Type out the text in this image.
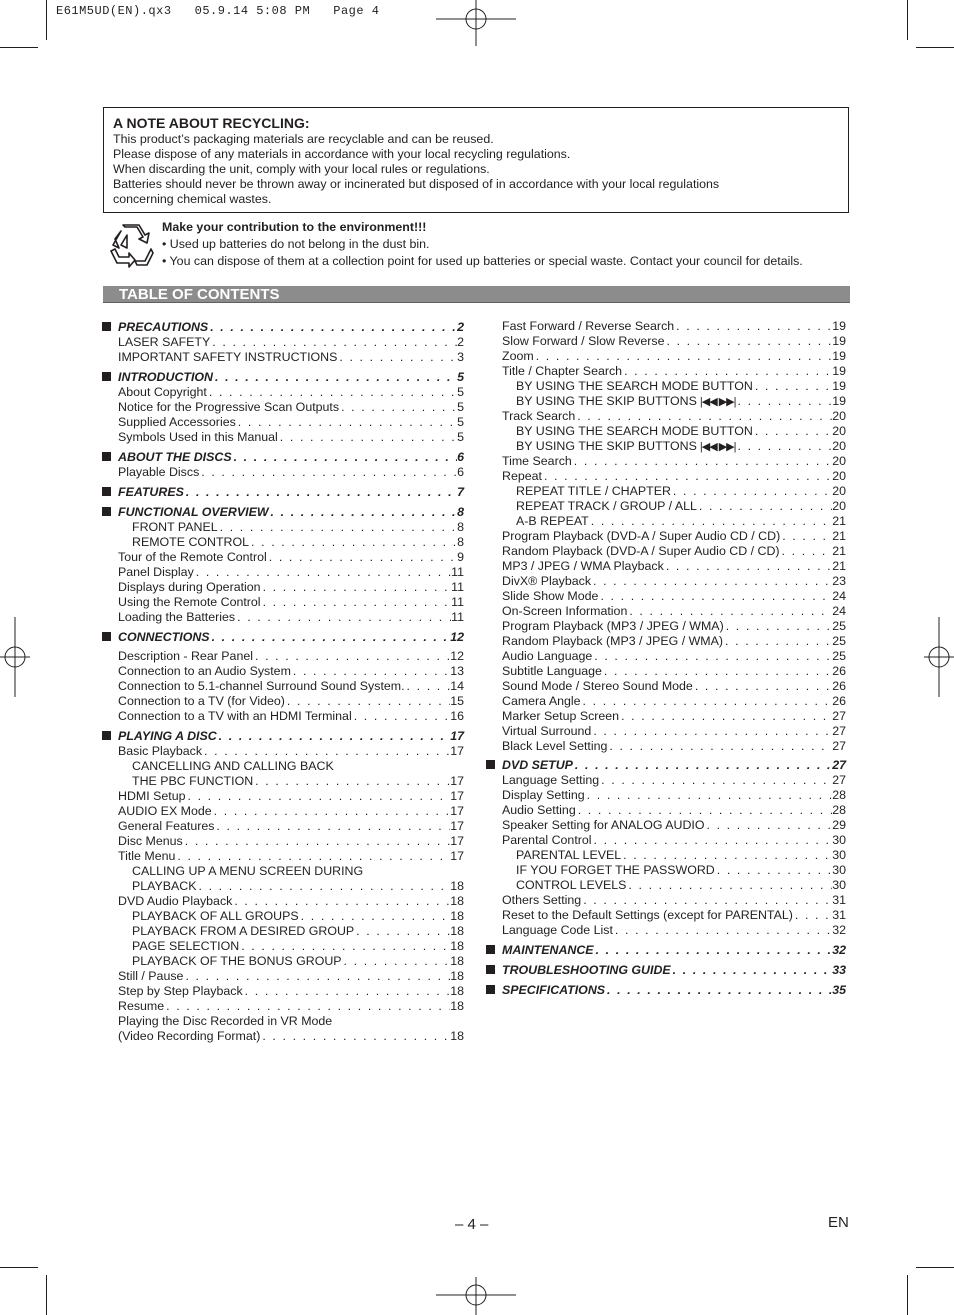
E61M5UD(EN).qx3   05.9.14 5:08 PM   Page 4
A NOTE ABOUT RECYCLING:
This product’s packaging materials are recyclable and can be reused.
Please dispose of any materials in accordance with your local recycling regulations.
When discarding the unit, comply with your local rules or regulations.
Batteries should never be thrown away or incinerated but disposed of in accordance with your local regulations
concerning chemical wastes.
Make your contribution to the environment!!!
• Used up batteries do not belong in the dust bin.
• You can dispose of them at a collection point for used up batteries or special waste. Contact your council for details.
TABLE OF CONTENTS
PRECAUTIONS . . .	2
LASER SAFETY . . .	2
IMPORTANT SAFETY INSTRUCTIONS . . .	3
INTRODUCTION . . .	5
About Copyright . . .	5
Notice for the Progressive Scan Outputs . . .	5
Supplied Accessories . . .	5
Symbols Used in this Manual . . .	5
ABOUT THE DISCS . . .	6
Playable Discs . . .	6
FEATURES . . .	7
FUNCTIONAL OVERVIEW . . .	8
FRONT PANEL . . .	8
REMOTE CONTROL . . .	8
Tour of the Remote Control . . .	9
Panel Display . . .	11
Displays during Operation . . .	11
Using the Remote Control . . .	11
Loading the Batteries . . .	11
CONNECTIONS . . .	12
Description - Rear Panel . . .	12
Connection to an Audio System . . .	13
Connection to 5.1-channel Surround Sound System. . . .	14
Connection to a TV (for Video) . . .	15
Connection to a TV with an HDMI Terminal . . .	16
PLAYING A DISC . . .	17
Basic Playback . . .	17
CANCELLING AND CALLING BACK
THE PBC FUNCTION . . .	17
HDMI Setup . . .	17
AUDIO EX Mode . . .	17
General Features . . .	17
Disc Menus . . .	17
Title Menu . . .	17
CALLING UP A MENU SCREEN DURING
PLAYBACK . . .	18
DVD Audio Playback . . .	18
PLAYBACK OF ALL GROUPS . . .	18
PLAYBACK FROM A DESIRED GROUP . . .	18
PAGE SELECTION . . .	18
PLAYBACK OF THE BONUS GROUP . . .	18
Still / Pause . . .	18
Step by Step Playback . . .	18
Resume . . .	18
Playing the Disc Recorded in VR Mode
(Video Recording Format) . . .	18
Fast Forward / Reverse Search . . .	19
Slow Forward / Slow Reverse . . .	19
Zoom . . .	19
Title / Chapter Search . . .	19
BY USING THE SEARCH MODE BUTTON . . .	19
BY USING THE SKIP BUTTONS |◀◀ ▶▶| . . .	19
Track Search . . .	20
BY USING THE SEARCH MODE BUTTON . . .	20
BY USING THE SKIP BUTTONS |◀◀ ▶▶| . . .	20
Time Search . . .	20
Repeat . . .	20
REPEAT TITLE / CHAPTER . . .	20
REPEAT TRACK / GROUP / ALL . . .	20
A-B REPEAT . . .	21
Program Playback (DVD-A / Super Audio CD / CD) . . .	21
Random Playback (DVD-A / Super Audio CD / CD) . . .	21
MP3 / JPEG / WMA Playback . . .	21
DivX® Playback . . .	23
Slide Show Mode . . .	24
On-Screen Information . . .	24
Program Playback (MP3 / JPEG / WMA) . . .	25
Random Playback (MP3 / JPEG / WMA) . . .	25
Audio Language . . .	25
Subtitle Language . . .	26
Sound Mode / Stereo Sound Mode . . .	26
Camera Angle . . .	26
Marker Setup Screen . . .	27
Virtual Surround . . .	27
Black Level Setting . . .	27
DVD SETUP . . .	27
Language Setting . . .	27
Display Setting . . .	28
Audio Setting . . .	28
Speaker Setting for ANALOG AUDIO . . .	29
Parental Control . . .	30
PARENTAL LEVEL . . .	30
IF YOU FORGET THE PASSWORD . . .	30
CONTROL LEVELS . . .	30
Others Setting . . .	31
Reset to the Default Settings (except for PARENTAL) . . .	31
Language Code List . . .	32
MAINTENANCE . . .	32
TROUBLESHOOTING GUIDE . . .	33
SPECIFICATIONS . . .	35
– 4 –	EN
